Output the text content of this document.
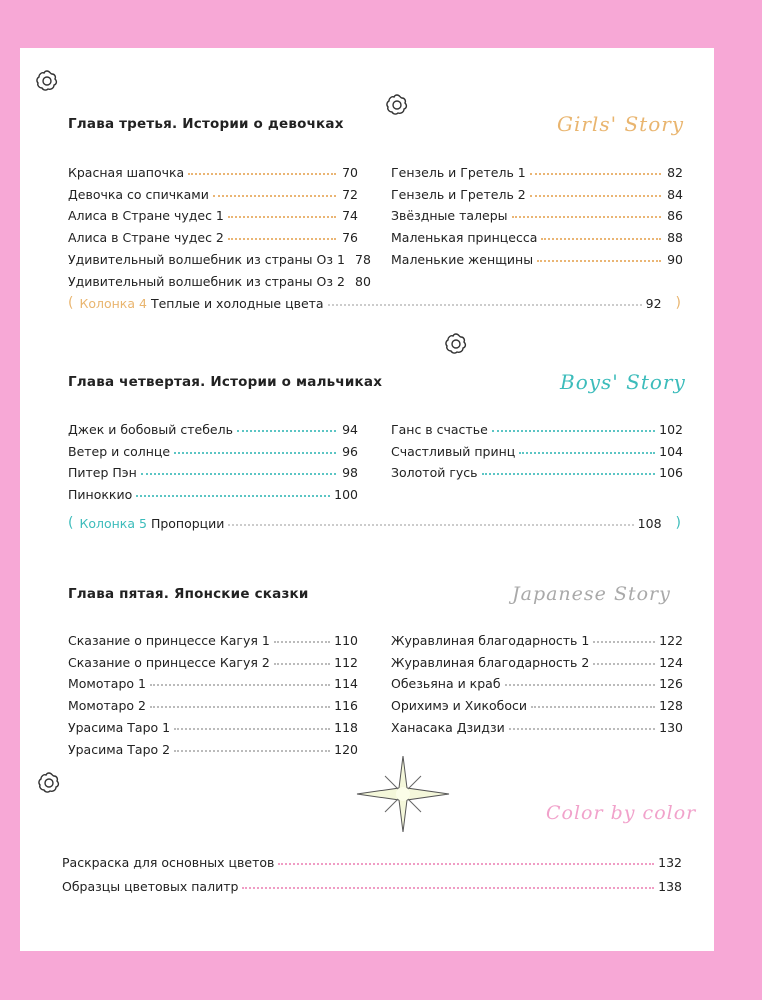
Глава третья. Истории о девочках	Girls' Story
Красная шапочка	70
Девочка со спичками	72
Алиса в Стране чудес 1	74
Алиса в Стране чудес 2	76
Удивительный волшебник из страны Оз 1 78
Удивительный волшебник из страны Оз 2 80
Гензель и Гретель 1	82
Гензель и Гретель 2	84
Звёздные талеры	86
Маленькая принцесса	88
Маленькие женщины	90
( Колонка 4 Теплые и холодные цвета	92	)
Глава четвертая. Истории о мальчиках	Boys' Story
Джек и бобовый стебель	94
Ветер и солнце	96
Питер Пэн	98
Пиноккио	100
Ганс в счастье	102
Счастливый принц	104
Золотой гусь	106
( Колонка 5 Пропорции	108	)
Глава пятая. Японские сказки	Japanese Story
Сказание о принцессе Кагуя 1	110
Сказание о принцессе Кагуя 2	112
Момотаро 1	114
Момотаро 2	116
Урасима Таро 1	118
Урасима Таро 2	120
Журавлиная благодарность 1	122
Журавлиная благодарность 2	124
Обезьяна и краб	126
Орихимэ и Хикобоси	128
Ханасака Дзидзи	130
Color by color
Раскраска для основных цветов	132
Образцы цветовых палитр	138
